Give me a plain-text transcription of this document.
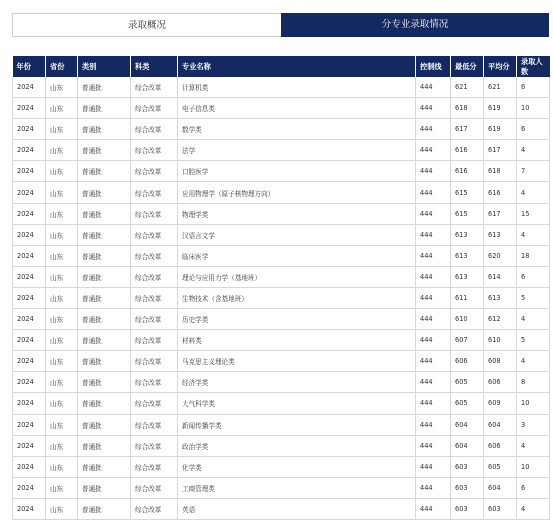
录取概况	分专业录取情况
年份	省份	类别	科类	专业名称	控制线	最低分	平均分	录取人数
2024	山东	普通批	综合改革	计算机类	444	621	621	6
2024	山东	普通批	综合改革	电子信息类	444	618	619	10
2024	山东	普通批	综合改革	数学类	444	617	619	6
2024	山东	普通批	综合改革	法学	444	616	617	4
2024	山东	普通批	综合改革	口腔医学	444	616	618	7
2024	山东	普通批	综合改革	应用物理学（原子核物理方向）	444	615	616	4
2024	山东	普通批	综合改革	物理学类	444	615	617	15
2024	山东	普通批	综合改革	汉语言文学	444	613	613	4
2024	山东	普通批	综合改革	临床医学	444	613	620	18
2024	山东	普通批	综合改革	理论与应用力学（基地班）	444	613	614	6
2024	山东	普通批	综合改革	生物技术（含基地班）	444	611	613	5
2024	山东	普通批	综合改革	历史学类	444	610	612	4
2024	山东	普通批	综合改革	材料类	444	607	610	5
2024	山东	普通批	综合改革	马克思主义理论类	444	606	608	4
2024	山东	普通批	综合改革	经济学类	444	605	606	8
2024	山东	普通批	综合改革	大气科学类	444	605	609	10
2024	山东	普通批	综合改革	新闻传播学类	444	604	604	3
2024	山东	普通批	综合改革	政治学类	444	604	606	4
2024	山东	普通批	综合改革	化学类	444	603	605	10
2024	山东	普通批	综合改革	工商管理类	444	603	604	6
2024	山东	普通批	综合改革	英语	444	603	603	4
